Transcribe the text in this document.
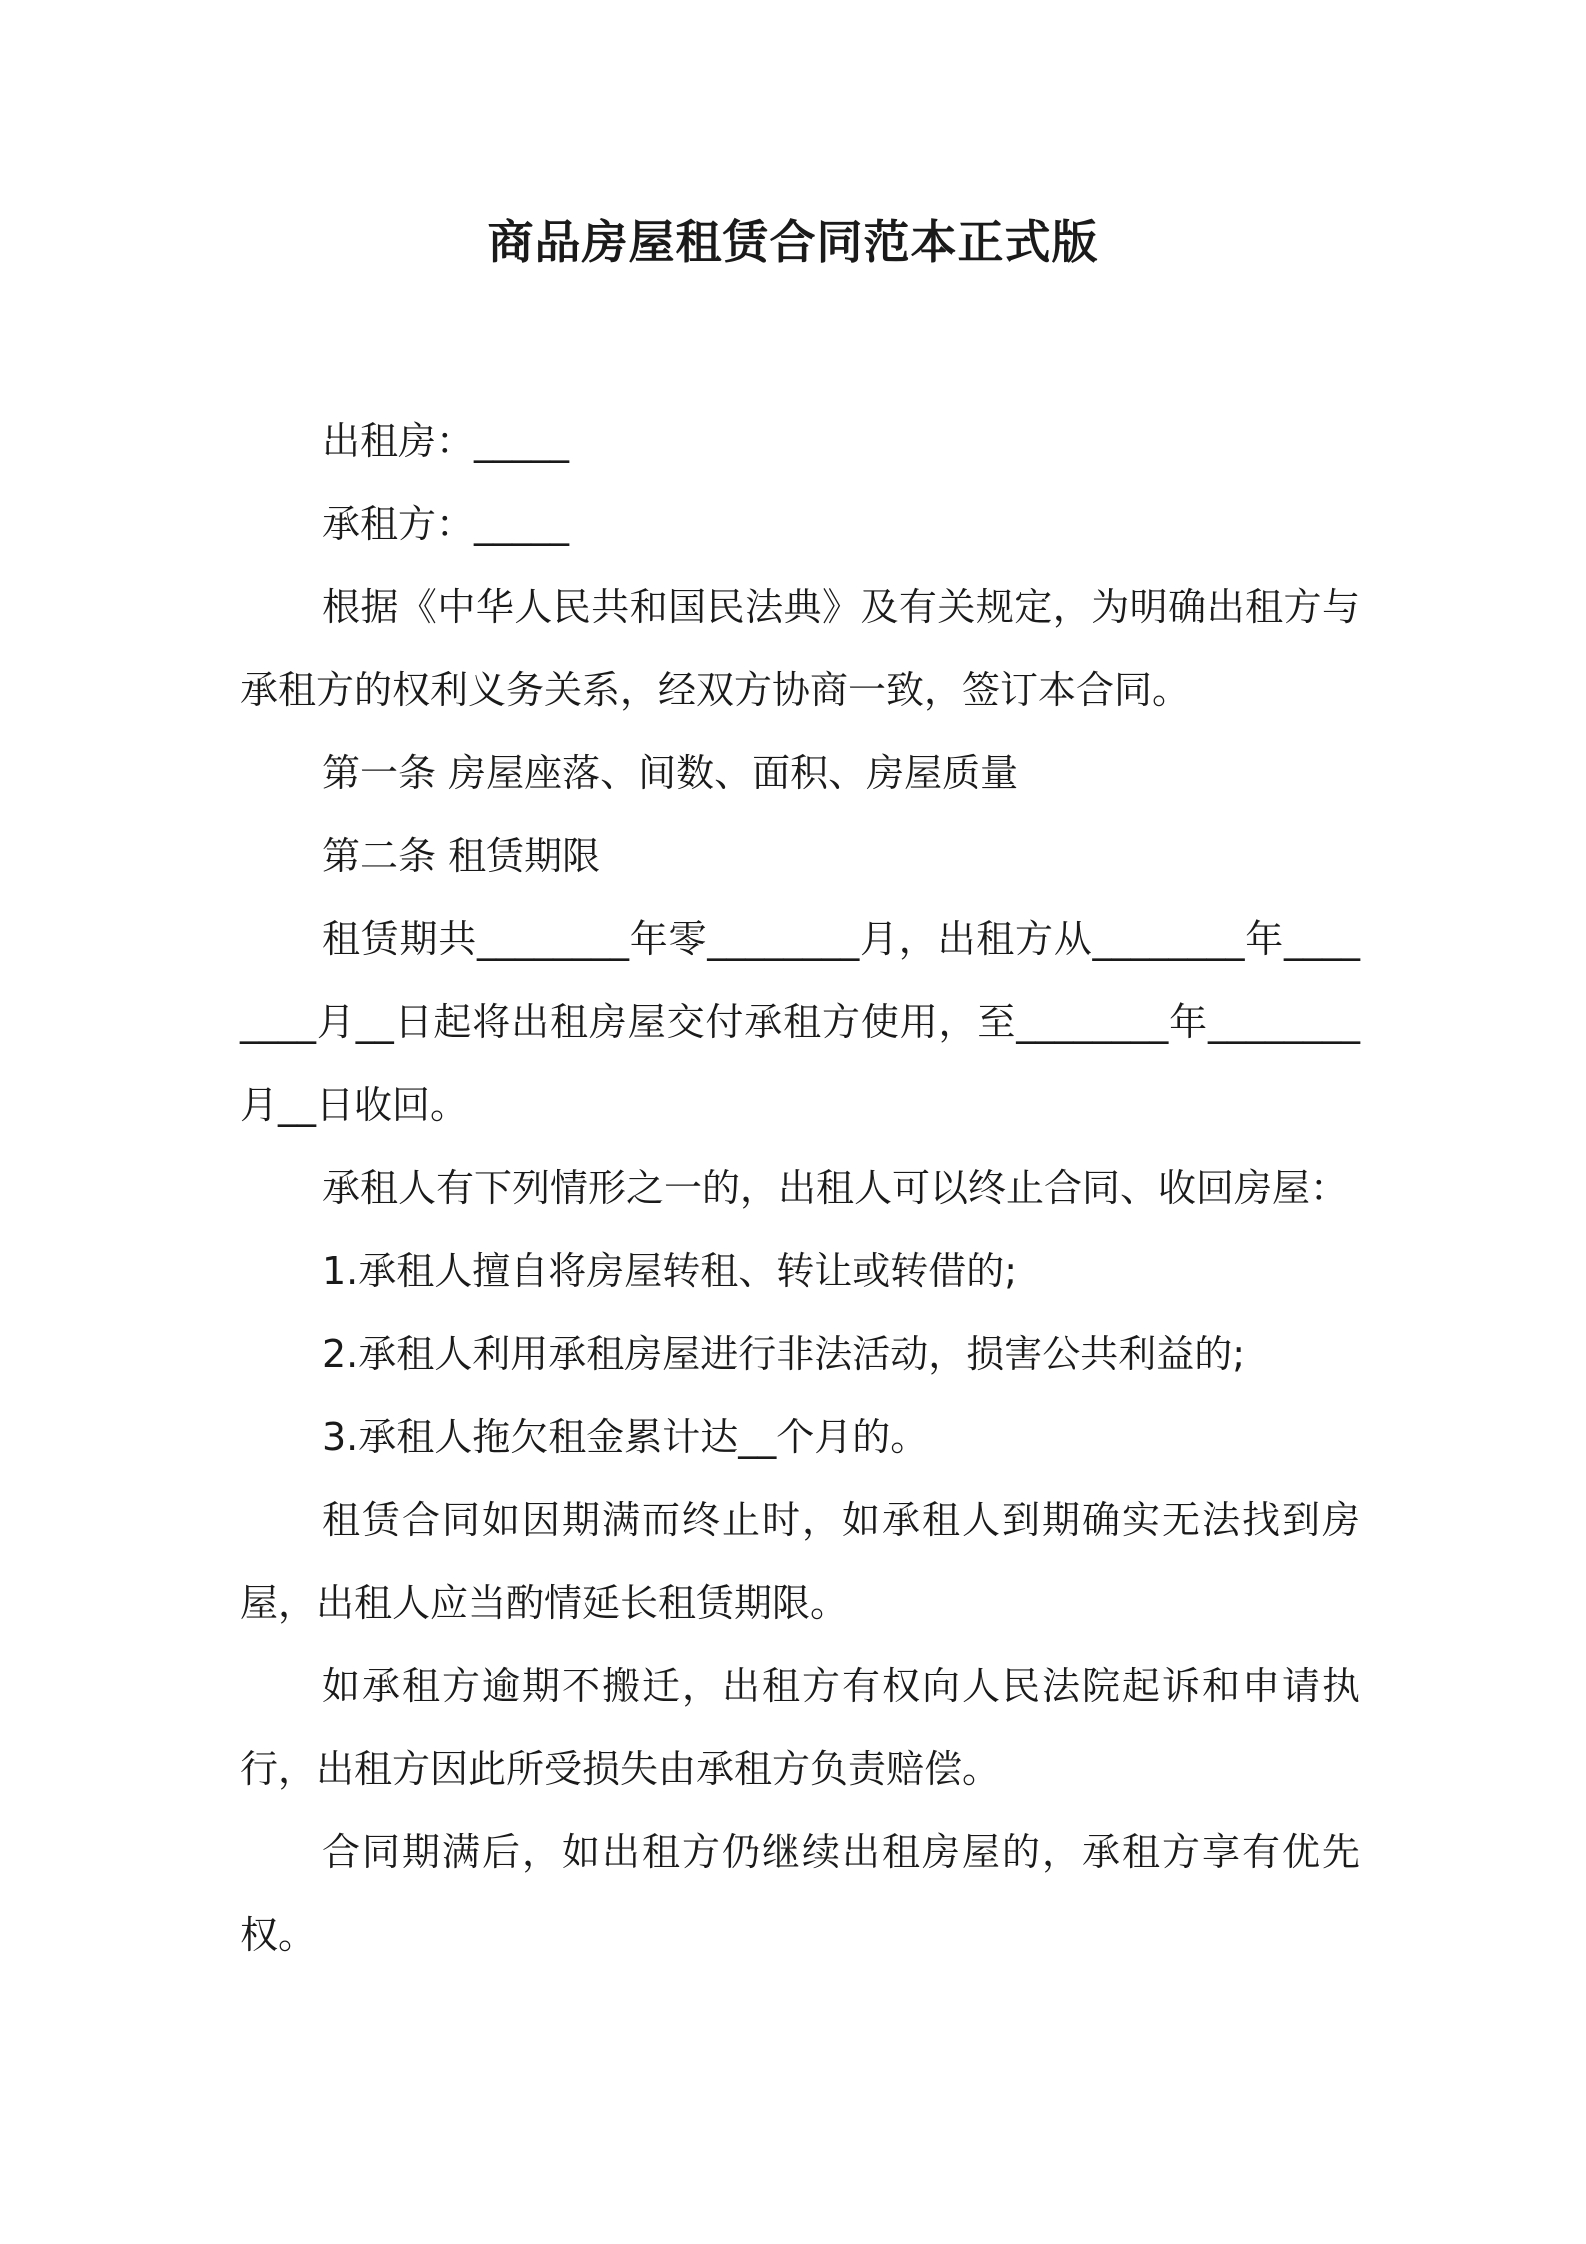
商品房屋租赁合同范本正式版

出租房：_____

承租方：_____

根据《中华人民共和国民法典》及有关规定，为明确出租方与承租方的权利义务关系，经双方协商一致，签订本合同。

第一条 房屋座落、间数、面积、房屋质量

第二条 租赁期限

租赁期共________年零________月，出租方从________年________月__日起将出租房屋交付承租方使用，至________年________月__日收回。

承租人有下列情形之一的，出租人可以终止合同、收回房屋：

1.承租人擅自将房屋转租、转让或转借的;

2.承租人利用承租房屋进行非法活动，损害公共利益的;

3.承租人拖欠租金累计达__个月的。

租赁合同如因期满而终止时，如承租人到期确实无法找到房屋，出租人应当酌情延长租赁期限。

如承租方逾期不搬迁，出租方有权向人民法院起诉和申请执行，出租方因此所受损失由承租方负责赔偿。

合同期满后，如出租方仍继续出租房屋的，承租方享有优先权。
